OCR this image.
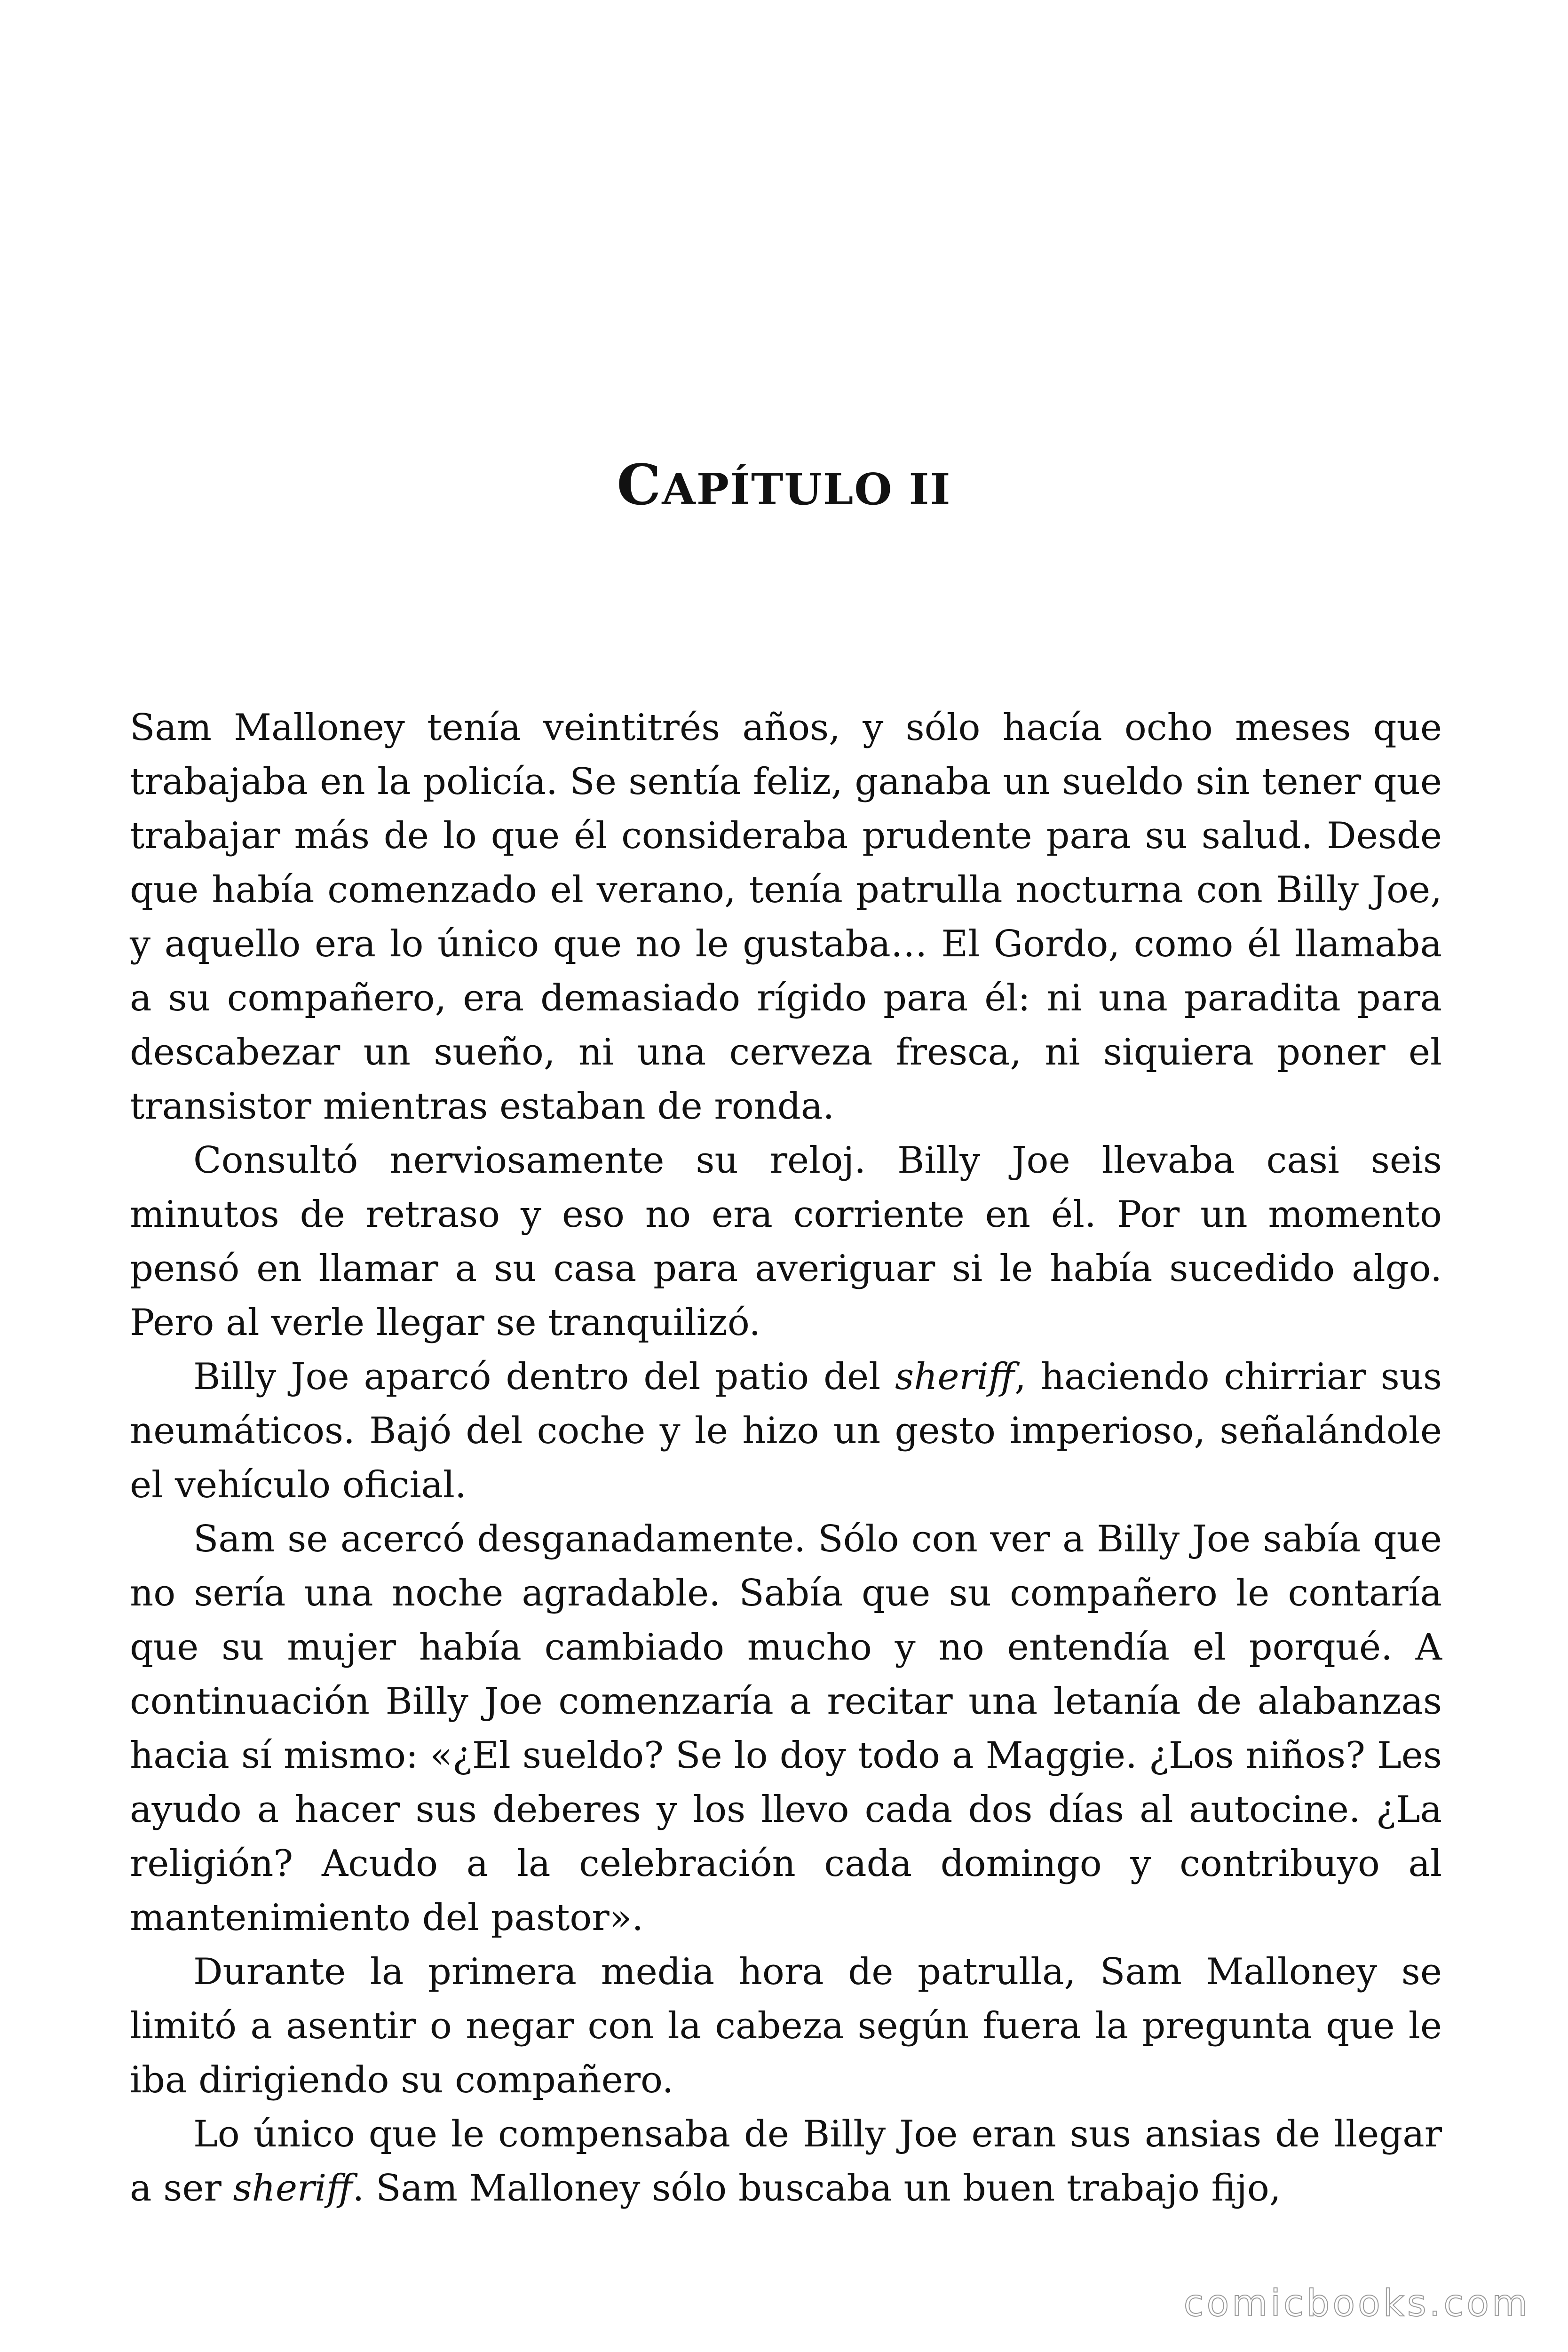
CAPÍTULO II

Sam Malloney tenía veintitrés años, y sólo hacía ocho meses que trabajaba en la policía. Se sentía feliz, ganaba un sueldo sin tener que trabajar más de lo que él consideraba prudente para su salud. Desde que había comenzado el verano, tenía patrulla nocturna con Billy Joe, y aquello era lo único que no le gustaba… El Gordo, como él llamaba a su compañero, era demasiado rígido para él: ni una paradita para descabezar un sueño, ni una cerveza fresca, ni siquiera poner el transistor mientras estaban de ronda.

Consultó nerviosamente su reloj. Billy Joe llevaba casi seis minutos de retraso y eso no era corriente en él. Por un momento pensó en llamar a su casa para averiguar si le había sucedido algo. Pero al verle llegar se tranquilizó.

Billy Joe aparcó dentro del patio del sheriff, haciendo chirriar sus neumáticos. Bajó del coche y le hizo un gesto imperioso, señalándole el vehículo oficial.

Sam se acercó desganadamente. Sólo con ver a Billy Joe sabía que no sería una noche agradable. Sabía que su compañero le contaría que su mujer había cambiado mucho y no entendía el porqué. A continuación Billy Joe comenzaría a recitar una letanía de alabanzas hacia sí mismo: «¿El sueldo? Se lo doy todo a Maggie. ¿Los niños? Les ayudo a hacer sus deberes y los llevo cada dos días al autocine. ¿La religión? Acudo a la celebración cada domingo y contribuyo al mantenimiento del pastor».

Durante la primera media hora de patrulla, Sam Malloney se limitó a asentir o negar con la cabeza según fuera la pregunta que le iba dirigiendo su compañero.

Lo único que le compensaba de Billy Joe eran sus ansias de llegar a ser sheriff. Sam Malloney sólo buscaba un buen trabajo fijo,

comicbooks.com
